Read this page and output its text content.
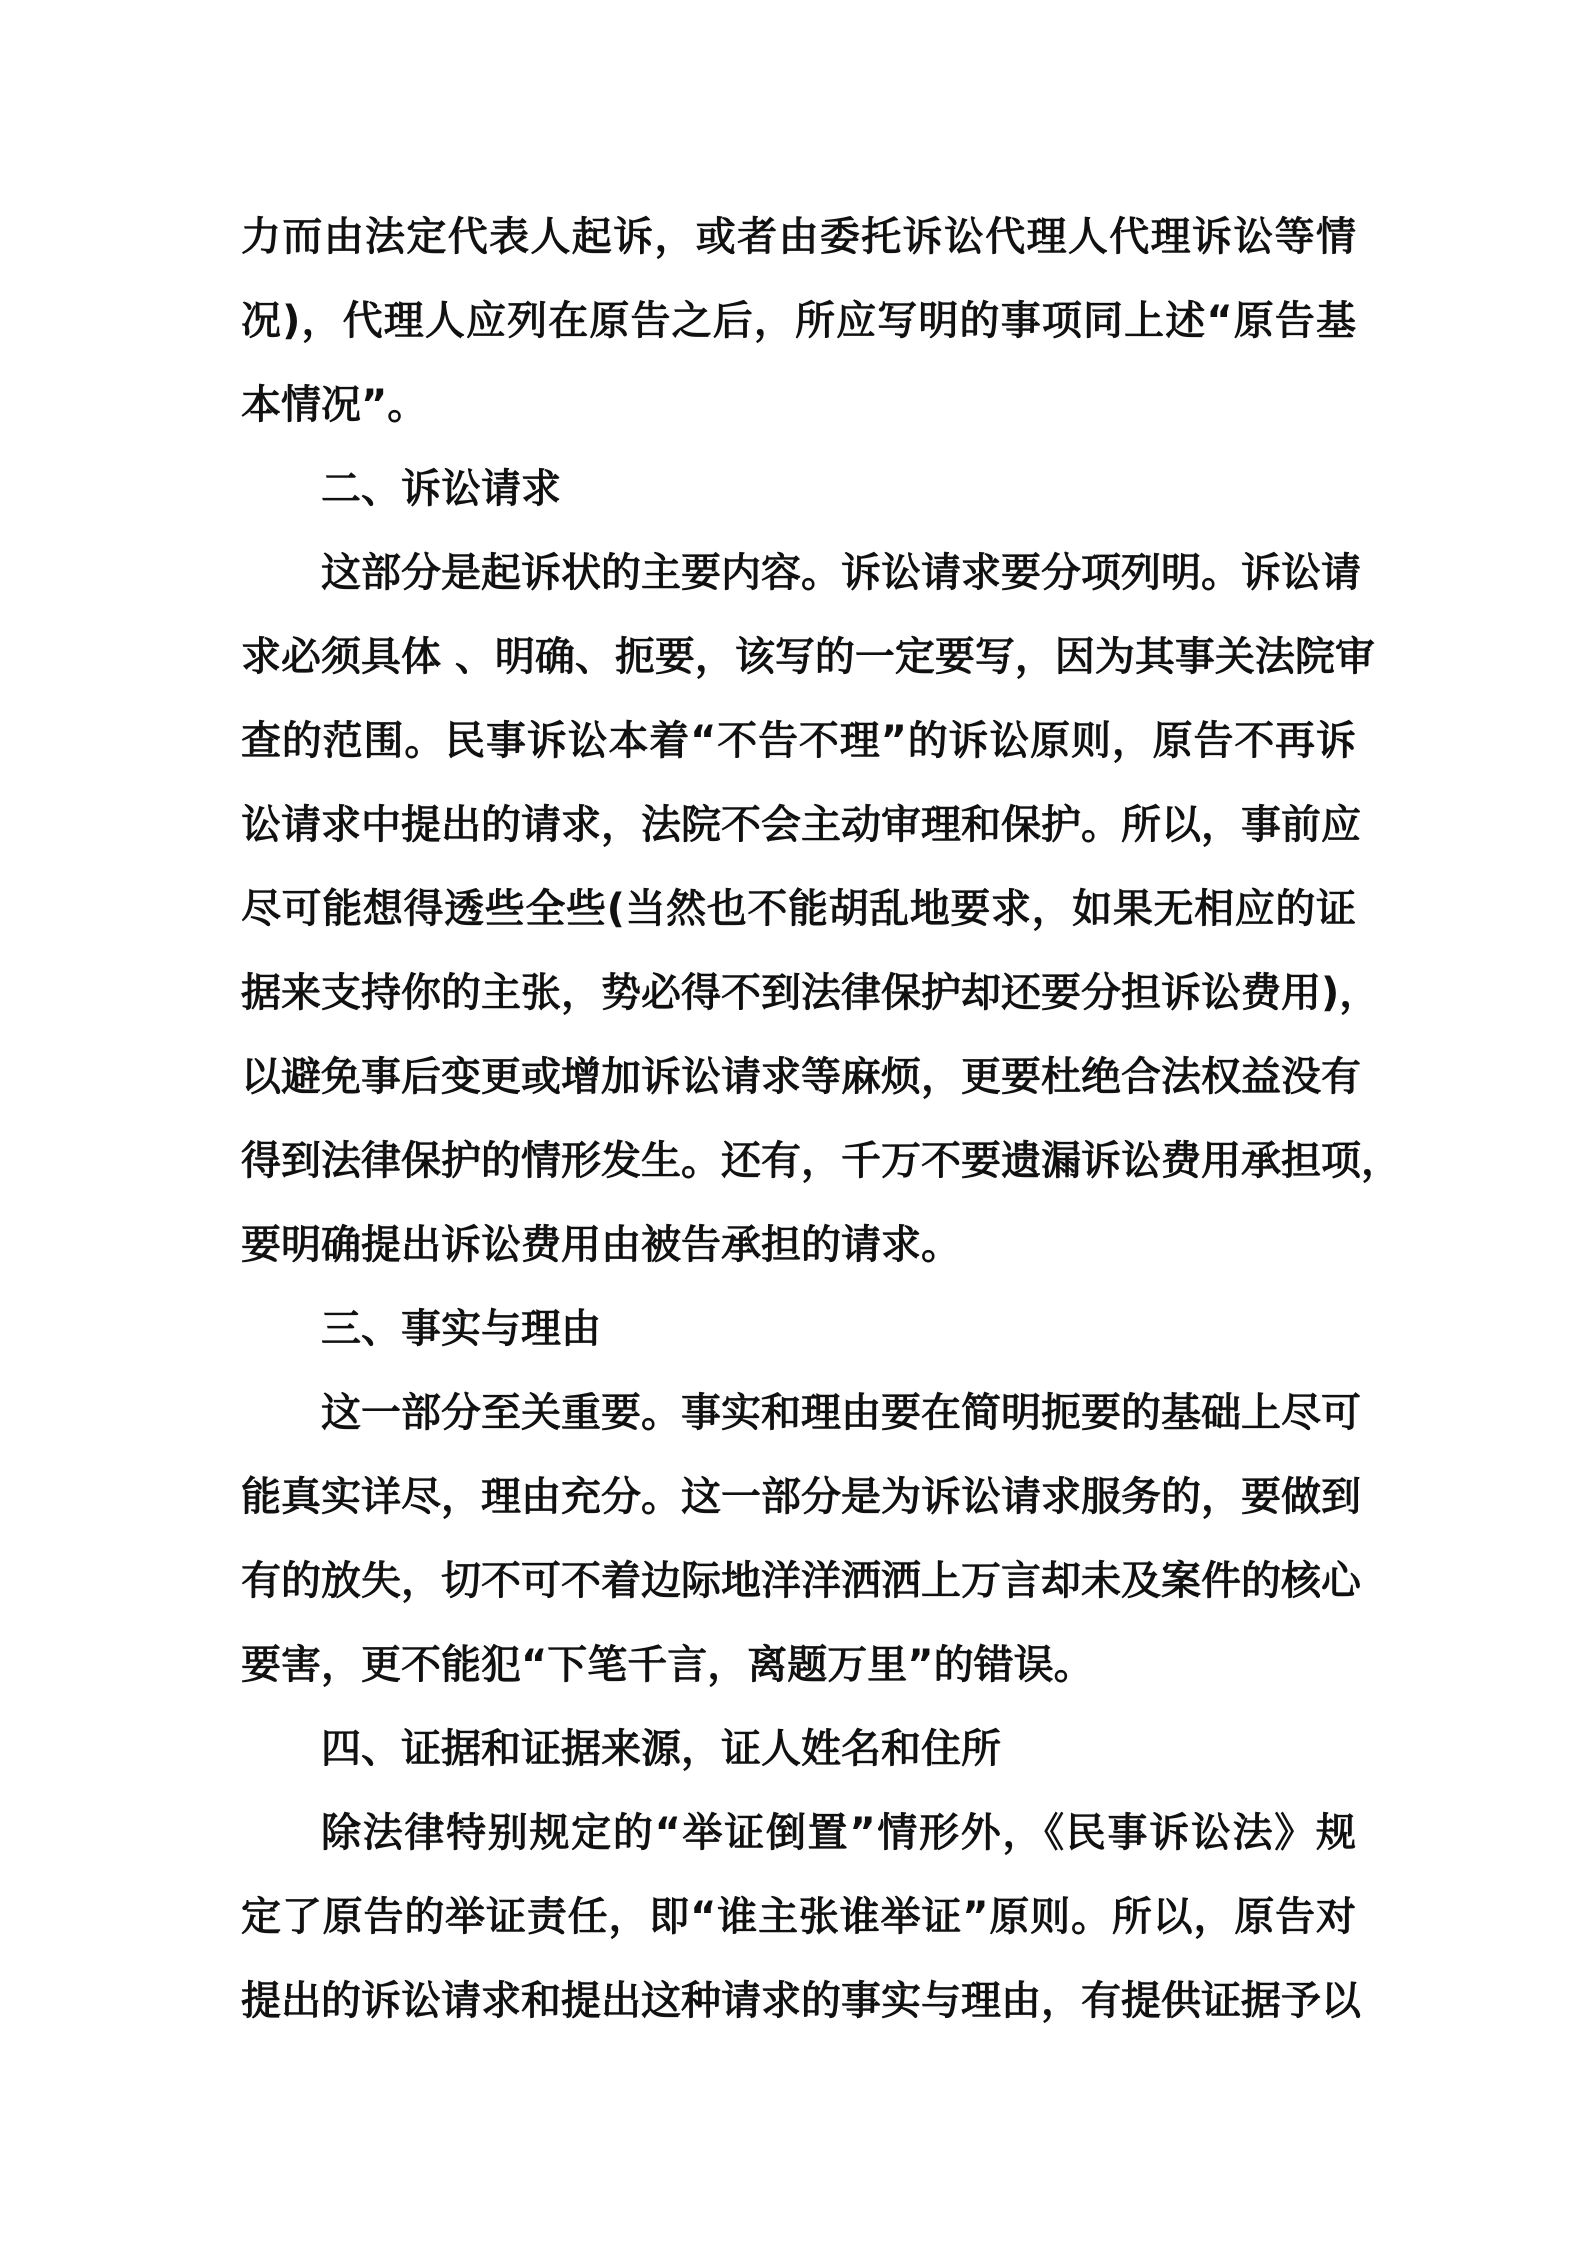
力而由法定代表人起诉，或者由委托诉讼代理人代理诉讼等情
况)，代理人应列在原告之后，所应写明的事项同上述“原告基
本情况”。
二、诉讼请求
这部分是起诉状的主要内容。诉讼请求要分项列明。诉讼请
求必须具体 、明确、扼要，该写的一定要写，因为其事关法院审
查的范围。民事诉讼本着“不告不理”的诉讼原则，原告不再诉
讼请求中提出的请求，法院不会主动审理和保护。所以，事前应
尽可能想得透些全些(当然也不能胡乱地要求，如果无相应的证
据来支持你的主张，势必得不到法律保护却还要分担诉讼费用)，
以避免事后变更或增加诉讼请求等麻烦，更要杜绝合法权益没有
得到法律保护的情形发生。还有，千万不要遗漏诉讼费用承担项，
要明确提出诉讼费用由被告承担的请求。
三、事实与理由
这一部分至关重要。事实和理由要在简明扼要的基础上尽可
能真实详尽，理由充分。这一部分是为诉讼请求服务的，要做到
有的放失，切不可不着边际地洋洋洒洒上万言却未及案件的核心
要害，更不能犯“下笔千言，离题万里”的错误。
四、证据和证据来源，证人姓名和住所
除法律特别规定的“举证倒置”情形外，《民事诉讼法》规
定了原告的举证责任，即“谁主张谁举证”原则。所以，原告对
提出的诉讼请求和提出这种请求的事实与理由，有提供证据予以
